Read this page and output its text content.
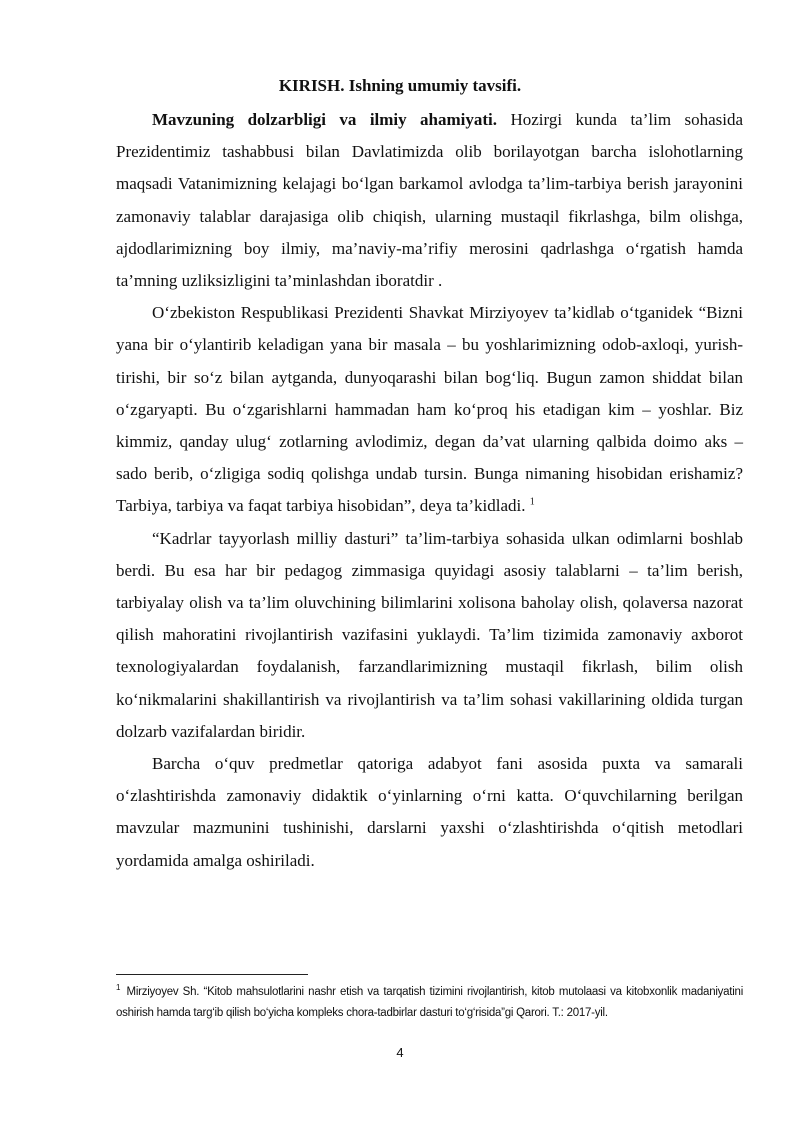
KIRISH. Ishning umumiy tavsifi.

Mavzuning dolzarbligi va ilmiy ahamiyati. Hozirgi kunda ta’lim sohasida Prezidentimiz tashabbusi bilan Davlatimizda olib borilayotgan barcha islohotlarning maqsadi Vatanimizning kelajagi bo‘lgan barkamol avlodga ta’lim-tarbiya berish jarayonini zamonaviy talablar darajasiga olib chiqish, ularning mustaqil fikrlashga, bilm olishga, ajdodlarimizning boy ilmiy, ma’naviy-ma’rifiy merosini qadrlashga o‘rgatish hamda ta’mning uzliksizligini ta’minlashdan iboratdir .

O‘zbekiston Respublikasi Prezidenti Shavkat Mirziyoyev ta’kidlab o‘tganidek “Bizni yana bir o‘ylantirib keladigan yana bir masala – bu yoshlarimizning odob-axloqi, yurish-tirishi, bir so‘z bilan aytganda, dunyoqarashi bilan bog‘liq. Bugun zamon shiddat bilan o‘zgaryapti. Bu o‘zgarishlarni hammadan ham ko‘proq his etadigan kim – yoshlar. Biz kimmiz, qanday ulug‘ zotlarning avlodimiz, degan da’vat ularning qalbida doimo aks – sado berib, o‘zligiga sodiq qolishga undab tursin. Bunga nimaning hisobidan erishamiz? Tarbiya, tarbiya va faqat tarbiya hisobidan”, deya ta’kidladi. $^1$

“Kadrlar tayyorlash milliy dasturi” ta’lim-tarbiya sohasida ulkan odimlarni boshlab berdi. Bu esa har bir pedagog zimmasiga quyidagi asosiy talablarni – ta’lim berish, tarbiyalay olish va ta’lim oluvchining bilimlarini xolisona baholay olish, qolaversa nazorat qilish mahoratini rivojlantirish vazifasini yuklaydi. Ta’lim tizimida zamonaviy axborot texnologiyalardan foydalanish, farzandlarimizning mustaqil fikrlash, bilim olish ko‘nikmalarini shakillantirish va rivojlantirish va ta’lim sohasi vakillarining oldida turgan dolzarb vazifalardan biridir.

Barcha o‘quv predmetlar qatoriga adabyot fani asosida puxta va samarali o‘zlashtirishda zamonaviy didaktik o‘yinlarning o‘rni katta. O‘quvchilarning berilgan mavzular mazmunini tushinishi, darslarni yaxshi o‘zlashtirishda o‘qitish metodlari yordamida amalga oshiriladi.

$^1$ Mirziyoyev Sh. “Kitob mahsulotlarini nashr etish va tarqatish tizimini rivojlantirish, kitob mutolaasi va kitobxonlik madaniyatini oshirish hamda targ‘ib qilish bo‘yicha kompleks chora-tadbirlar dasturi to‘g‘risida”gi Qarori. T.: 2017-yil.
4
